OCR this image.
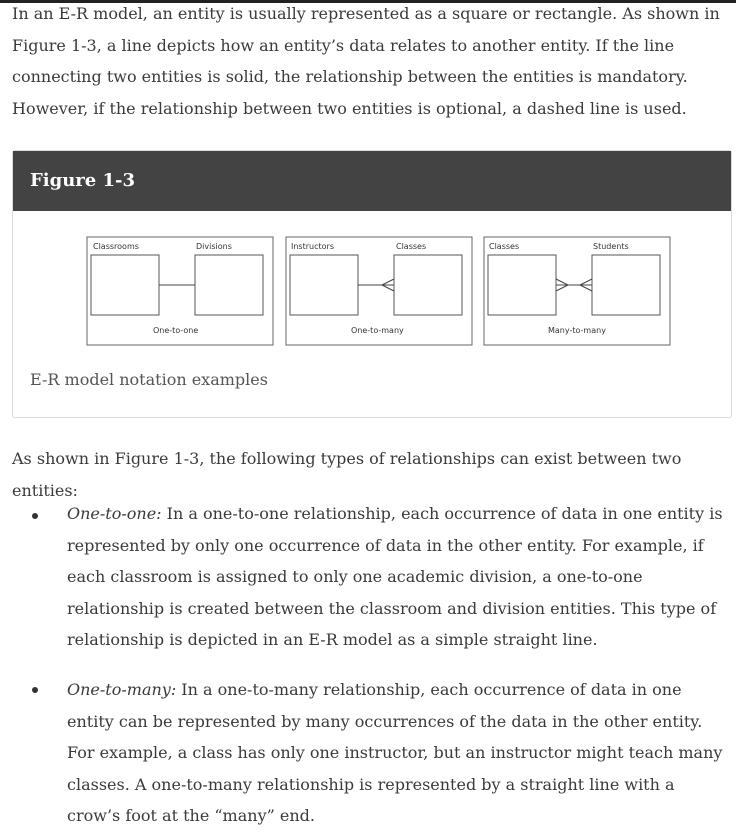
In an E-R model, an entity is usually represented as a square or rectangle. As shown in Figure 1-3, a line depicts how an entity’s data relates to another entity. If the line connecting two entities is solid, the relationship between the entities is mandatory. However, if the relationship between two entities is optional, a dashed line is used.

Figure 1-3
Classrooms	Divisions
One-to-one
Instructors	Classes
One-to-many
Classes	Students
Many-to-many
E-R model notation examples

As shown in Figure 1-3, the following types of relationships can exist between two entities:

One-to-one: In a one-to-one relationship, each occurrence of data in one entity is represented by only one occurrence of data in the other entity. For example, if each classroom is assigned to only one academic division, a one-to-one relationship is created between the classroom and division entities. This type of relationship is depicted in an E-R model as a simple straight line.
One-to-many: In a one-to-many relationship, each occurrence of data in one entity can be represented by many occurrences of the data in the other entity. For example, a class has only one instructor, but an instructor might teach many classes. A one-to-many relationship is represented by a straight line with a crow’s foot at the “many” end.
